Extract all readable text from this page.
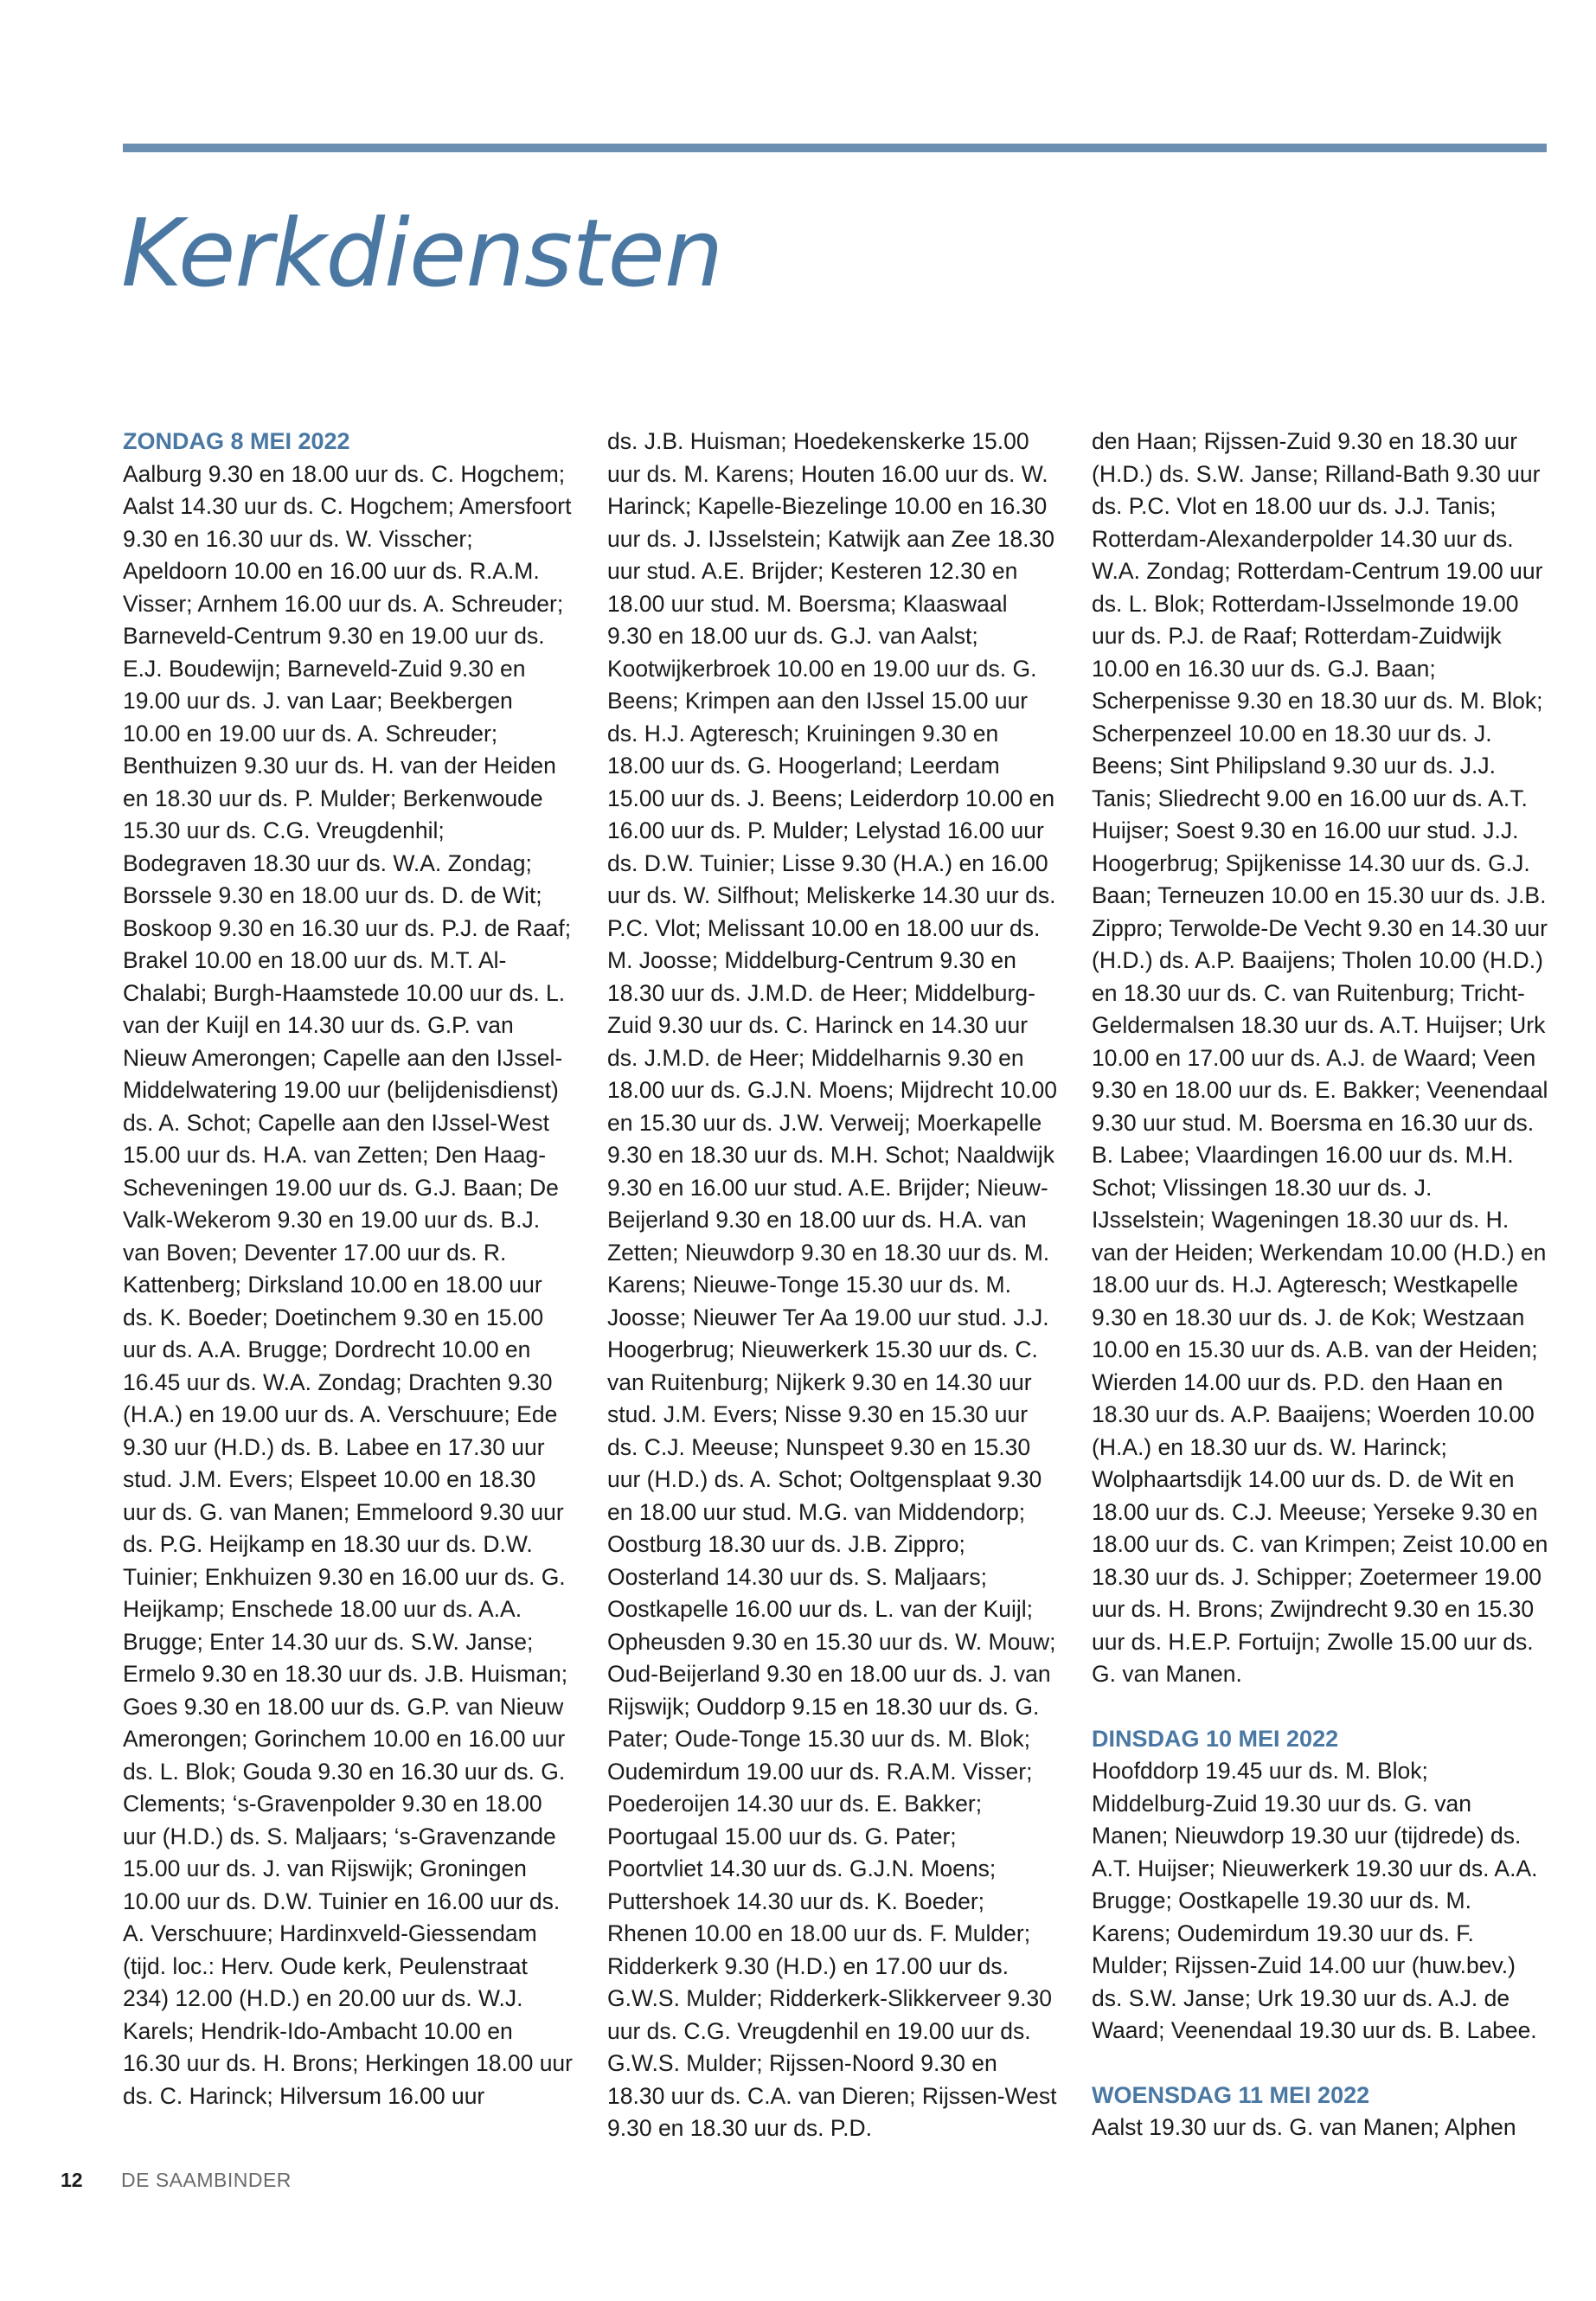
Kerkdiensten
ZONDAG 8 MEI 2022

Aalburg 9.30 en 18.00 uur ds. C. Hogchem; Aalst 14.30 uur ds. C. Hogchem; Amersfoort 9.30 en 16.30 uur ds. W. Visscher; Apeldoorn 10.00 en 16.00 uur ds. R.A.M. Visser; Arnhem 16.00 uur ds. A. Schreuder; Barneveld-Centrum 9.30 en 19.00 uur ds. E.J. Boudewijn; Barneveld-Zuid 9.30 en 19.00 uur ds. J. van Laar; Beekbergen 10.00 en 19.00 uur ds. A. Schreuder; Benthuizen 9.30 uur ds. H. van der Heiden en 18.30 uur ds. P. Mulder; Berkenwoude 15.30 uur ds. C.G. Vreugdenhil; Bodegraven 18.30 uur ds. W.A. Zondag; Borssele 9.30 en 18.00 uur ds. D. de Wit; Boskoop 9.30 en 16.30 uur ds. P.J. de Raaf; Brakel 10.00 en 18.00 uur ds. M.T. Al-Chalabi; Burgh-Haamstede 10.00 uur ds. L. van der Kuijl en 14.30 uur ds. G.P. van Nieuw Amerongen; Capelle aan den IJssel-Middelwatering 19.00 uur (belijdenisdienst) ds. A. Schot; Capelle aan den IJssel-West 15.00 uur ds. H.A. van Zetten; Den Haag-Scheveningen 19.00 uur ds. G.J. Baan; De Valk-Wekerom 9.30 en 19.00 uur ds. B.J. van Boven; Deventer 17.00 uur ds. R. Kattenberg; Dirksland 10.00 en 18.00 uur ds. K. Boeder; Doetinchem 9.30 en 15.00 uur ds. A.A. Brugge; Dordrecht 10.00 en 16.45 uur ds. W.A. Zondag; Drachten 9.30 (H.A.) en 19.00 uur ds. A. Verschuure; Ede 9.30 uur (H.D.) ds. B. Labee en 17.30 uur stud. J.M. Evers; Elspeet 10.00 en 18.30 uur ds. G. van Manen; Emmeloord 9.30 uur ds. P.G. Heijkamp en 18.30 uur ds. D.W. Tuinier; Enkhuizen 9.30 en 16.00 uur ds. G. Heijkamp; Enschede 18.00 uur ds. A.A. Brugge; Enter 14.30 uur ds. S.W. Janse; Ermelo 9.30 en 18.30 uur ds. J.B. Huisman; Goes 9.30 en 18.00 uur ds. G.P. van Nieuw Amerongen; Gorinchem 10.00 en 16.00 uur ds. L. Blok; Gouda 9.30 en 16.30 uur ds. G. Clements; ‘s-Gravenpolder 9.30 en 18.00 uur (H.D.) ds. S. Maljaars; ‘s-Gravenzande 15.00 uur ds. J. van Rijswijk; Groningen 10.00 uur ds. D.W. Tuinier en 16.00 uur ds. A. Verschuure; Hardinxveld-Giessendam (tijd. loc.: Herv. Oude kerk, Peulenstraat 234) 12.00 (H.D.) en 20.00 uur ds. W.J. Karels; Hendrik-Ido-Ambacht 10.00 en 16.30 uur ds. H. Brons; Herkingen 18.00 uur ds. C. Harinck; Hilversum 16.00 uur

ds. J.B. Huisman; Hoedekenskerke 15.00 uur ds. M. Karens; Houten 16.00 uur ds. W. Harinck; Kapelle-Biezelinge 10.00 en 16.30 uur ds. J. IJsselstein; Katwijk aan Zee 18.30 uur stud. A.E. Brijder; Kesteren 12.30 en 18.00 uur stud. M. Boersma; Klaaswaal 9.30 en 18.00 uur ds. G.J. van Aalst; Kootwijkerbroek 10.00 en 19.00 uur ds. G. Beens; Krimpen aan den IJssel 15.00 uur ds. H.J. Agteresch; Kruiningen 9.30 en 18.00 uur ds. G. Hoogerland; Leerdam 15.00 uur ds. J. Beens; Leiderdorp 10.00 en 16.00 uur ds. P. Mulder; Lelystad 16.00 uur ds. D.W. Tuinier; Lisse 9.30 (H.A.) en 16.00 uur ds. W. Silfhout; Meliskerke 14.30 uur ds. P.C. Vlot; Melissant 10.00 en 18.00 uur ds. M. Joosse; Middelburg-Centrum 9.30 en 18.30 uur ds. J.M.D. de Heer; Middelburg-Zuid 9.30 uur ds. C. Harinck en 14.30 uur ds. J.M.D. de Heer; Middelharnis 9.30 en 18.00 uur ds. G.J.N. Moens; Mijdrecht 10.00 en 15.30 uur ds. J.W. Verweij; Moerkapelle 9.30 en 18.30 uur ds. M.H. Schot; Naaldwijk 9.30 en 16.00 uur stud. A.E. Brijder; Nieuw-Beijerland 9.30 en 18.00 uur ds. H.A. van Zetten; Nieuwdorp 9.30 en 18.30 uur ds. M. Karens; Nieuwe-Tonge 15.30 uur ds. M. Joosse; Nieuwer Ter Aa 19.00 uur stud. J.J. Hoogerbrug; Nieuwerkerk 15.30 uur ds. C. van Ruitenburg; Nijkerk 9.30 en 14.30 uur stud. J.M. Evers; Nisse 9.30 en 15.30 uur ds. C.J. Meeuse; Nunspeet 9.30 en 15.30 uur (H.D.) ds. A. Schot; Ooltgensplaat 9.30 en 18.00 uur stud. M.G. van Middendorp; Oostburg 18.30 uur ds. J.B. Zippro; Oosterland 14.30 uur ds. S. Maljaars; Oostkapelle 16.00 uur ds. L. van der Kuijl; Opheusden 9.30 en 15.30 uur ds. W. Mouw; Oud-Beijerland 9.30 en 18.00 uur ds. J. van Rijswijk; Ouddorp 9.15 en 18.30 uur ds. G. Pater; Oude-Tonge 15.30 uur ds. M. Blok; Oudemirdum 19.00 uur ds. R.A.M. Visser; Poederoijen 14.30 uur ds. E. Bakker; Poortugaal 15.00 uur ds. G. Pater; Poortvliet 14.30 uur ds. G.J.N. Moens; Puttershoek 14.30 uur ds. K. Boeder; Rhenen 10.00 en 18.00 uur ds. F. Mulder; Ridderkerk 9.30 (H.D.) en 17.00 uur ds. G.W.S. Mulder; Ridderkerk-Slikkerveer 9.30 uur ds. C.G. Vreugdenhil en 19.00 uur ds. G.W.S. Mulder; Rijssen-Noord 9.30 en 18.30 uur ds. C.A. van Dieren; Rijssen-West 9.30 en 18.30 uur ds. P.D.

den Haan; Rijssen-Zuid 9.30 en 18.30 uur (H.D.) ds. S.W. Janse; Rilland-Bath 9.30 uur ds. P.C. Vlot en 18.00 uur ds. J.J. Tanis; Rotterdam-Alexanderpolder 14.30 uur ds. W.A. Zondag; Rotterdam-Centrum 19.00 uur ds. L. Blok; Rotterdam-IJsselmonde 19.00 uur ds. P.J. de Raaf; Rotterdam-Zuidwijk 10.00 en 16.30 uur ds. G.J. Baan; Scherpenisse 9.30 en 18.30 uur ds. M. Blok; Scherpenzeel 10.00 en 18.30 uur ds. J. Beens; Sint Philipsland 9.30 uur ds. J.J. Tanis; Sliedrecht 9.00 en 16.00 uur ds. A.T. Huijser; Soest 9.30 en 16.00 uur stud. J.J. Hoogerbrug; Spijkenisse 14.30 uur ds. G.J. Baan; Terneuzen 10.00 en 15.30 uur ds. J.B. Zippro; Terwolde-De Vecht 9.30 en 14.30 uur (H.D.) ds. A.P. Baaijens; Tholen 10.00 (H.D.) en 18.30 uur ds. C. van Ruitenburg; Tricht-Geldermalsen 18.30 uur ds. A.T. Huijser; Urk 10.00 en 17.00 uur ds. A.J. de Waard; Veen 9.30 en 18.00 uur ds. E. Bakker; Veenendaal 9.30 uur stud. M. Boersma en 16.30 uur ds. B. Labee; Vlaardingen 16.00 uur ds. M.H. Schot; Vlissingen 18.30 uur ds. J. IJsselstein; Wageningen 18.30 uur ds. H. van der Heiden; Werkendam 10.00 (H.D.) en 18.00 uur ds. H.J. Agteresch; Westkapelle 9.30 en 18.30 uur ds. J. de Kok; Westzaan 10.00 en 15.30 uur ds. A.B. van der Heiden; Wierden 14.00 uur ds. P.D. den Haan en 18.30 uur ds. A.P. Baaijens; Woerden 10.00 (H.A.) en 18.30 uur ds. W. Harinck; Wolphaartsdijk 14.00 uur ds. D. de Wit en 18.00 uur ds. C.J. Meeuse; Yerseke 9.30 en 18.00 uur ds. C. van Krimpen; Zeist 10.00 en 18.30 uur ds. J. Schipper; Zoetermeer 19.00 uur ds. H. Brons; Zwijndrecht 9.30 en 15.30 uur ds. H.E.P. Fortuijn; Zwolle 15.00 uur ds. G. van Manen.

DINSDAG 10 MEI 2022

Hoofddorp 19.45 uur ds. M. Blok; Middelburg-Zuid 19.30 uur ds. G. van Manen; Nieuwdorp 19.30 uur (tijdrede) ds. A.T. Huijser; Nieuwerkerk 19.30 uur ds. A.A. Brugge; Oostkapelle 19.30 uur ds. M. Karens; Oudemirdum 19.30 uur ds. F. Mulder; Rijssen-Zuid 14.00 uur (huw.bev.) ds. S.W. Janse; Urk 19.30 uur ds. A.J. de Waard; Veenendaal 19.30 uur ds. B. Labee.

WOENSDAG 11 MEI 2022

Aalst 19.30 uur ds. G. van Manen; Alphen

12 DE SAAMBINDER
